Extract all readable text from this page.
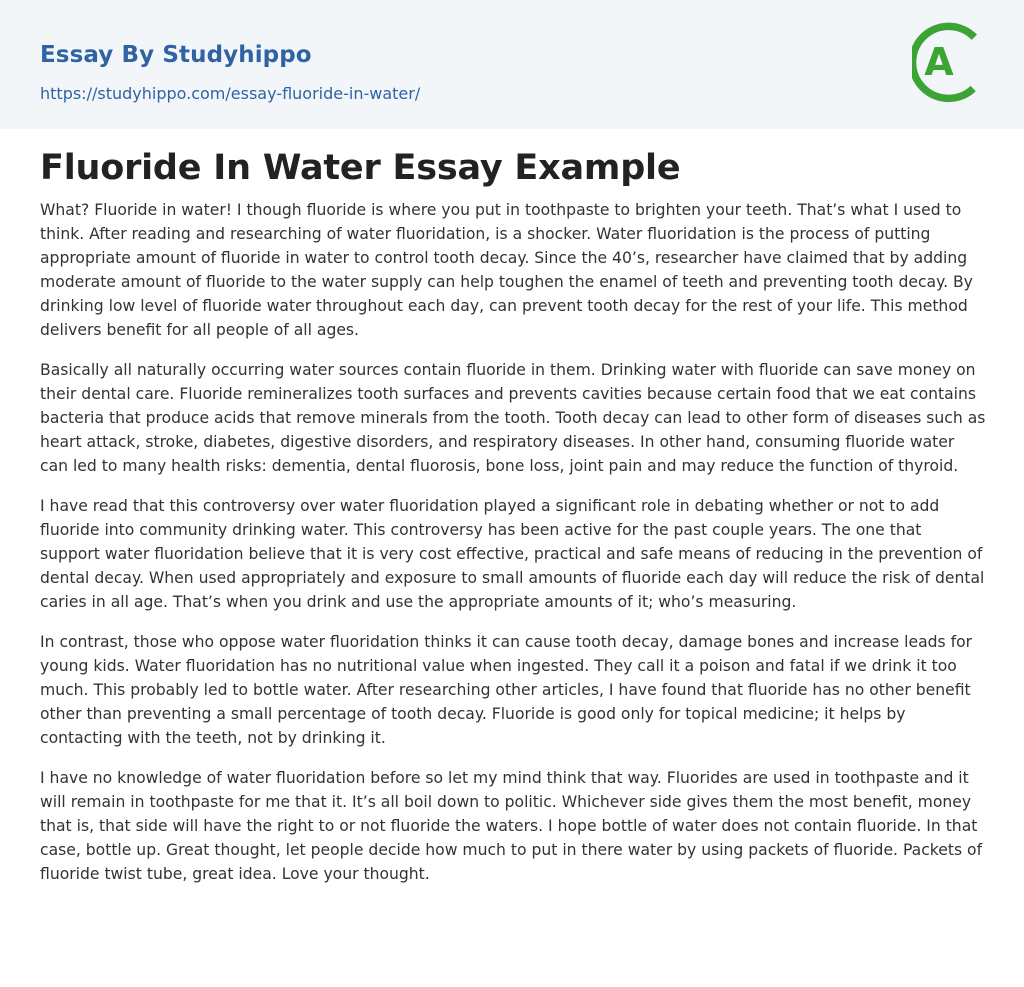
Essay By Studyhippo
https://studyhippo.com/essay-fluoride-in-water/
A
Fluoride In Water Essay Example

What? Fluoride in water! I though fluoride is where you put in toothpaste to brighten your teeth. That’s what I used to think. After reading and researching of water fluoridation, is a shocker. Water fluoridation is the process of putting appropriate amount of fluoride in water to control tooth decay. Since the 40’s, researcher have claimed that by adding moderate amount of fluoride to the water supply can help toughen the enamel of teeth and preventing tooth decay. By drinking low level of fluoride water throughout each day, can prevent tooth decay for the rest of your life. This method delivers benefit for all people of all ages.

Basically all naturally occurring water sources contain fluoride in them. Drinking water with fluoride can save money on their dental care. Fluoride remineralizes tooth surfaces and prevents cavities because certain food that we eat contains bacteria that produce acids that remove minerals from the tooth. Tooth decay can lead to other form of diseases such as heart attack, stroke, diabetes, digestive disorders, and respiratory diseases. In other hand, consuming fluoride water can led to many health risks: dementia, dental fluorosis, bone loss, joint pain and may reduce the function of thyroid.

I have read that this controversy over water fluoridation played a significant role in debating whether or not to add fluoride into community drinking water. This controversy has been active for the past couple years. The one that support water fluoridation believe that it is very cost effective, practical and safe means of reducing in the prevention of dental decay. When used appropriately and exposure to small amounts of fluoride each day will reduce the risk of dental caries in all age. That’s when you drink and use the appropriate amounts of it; who’s measuring.

In contrast, those who oppose water fluoridation thinks it can cause tooth decay, damage bones and increase leads for young kids. Water fluoridation has no nutritional value when ingested. They call it a poison and fatal if we drink it too much. This probably led to bottle water. After researching other articles, I have found that fluoride has no other benefit other than preventing a small percentage of tooth decay. Fluoride is good only for topical medicine; it helps by contacting with the teeth, not by drinking it.

I have no knowledge of water fluoridation before so let my mind think that way. Fluorides are used in toothpaste and it will remain in toothpaste for me that it. It’s all boil down to politic. Whichever side gives them the most benefit, money that is, that side will have the right to or not fluoride the waters. I hope bottle of water does not contain fluoride. In that case, bottle up. Great thought, let people decide how much to put in there water by using packets of fluoride. Packets of fluoride twist tube, great idea. Love your thought.
